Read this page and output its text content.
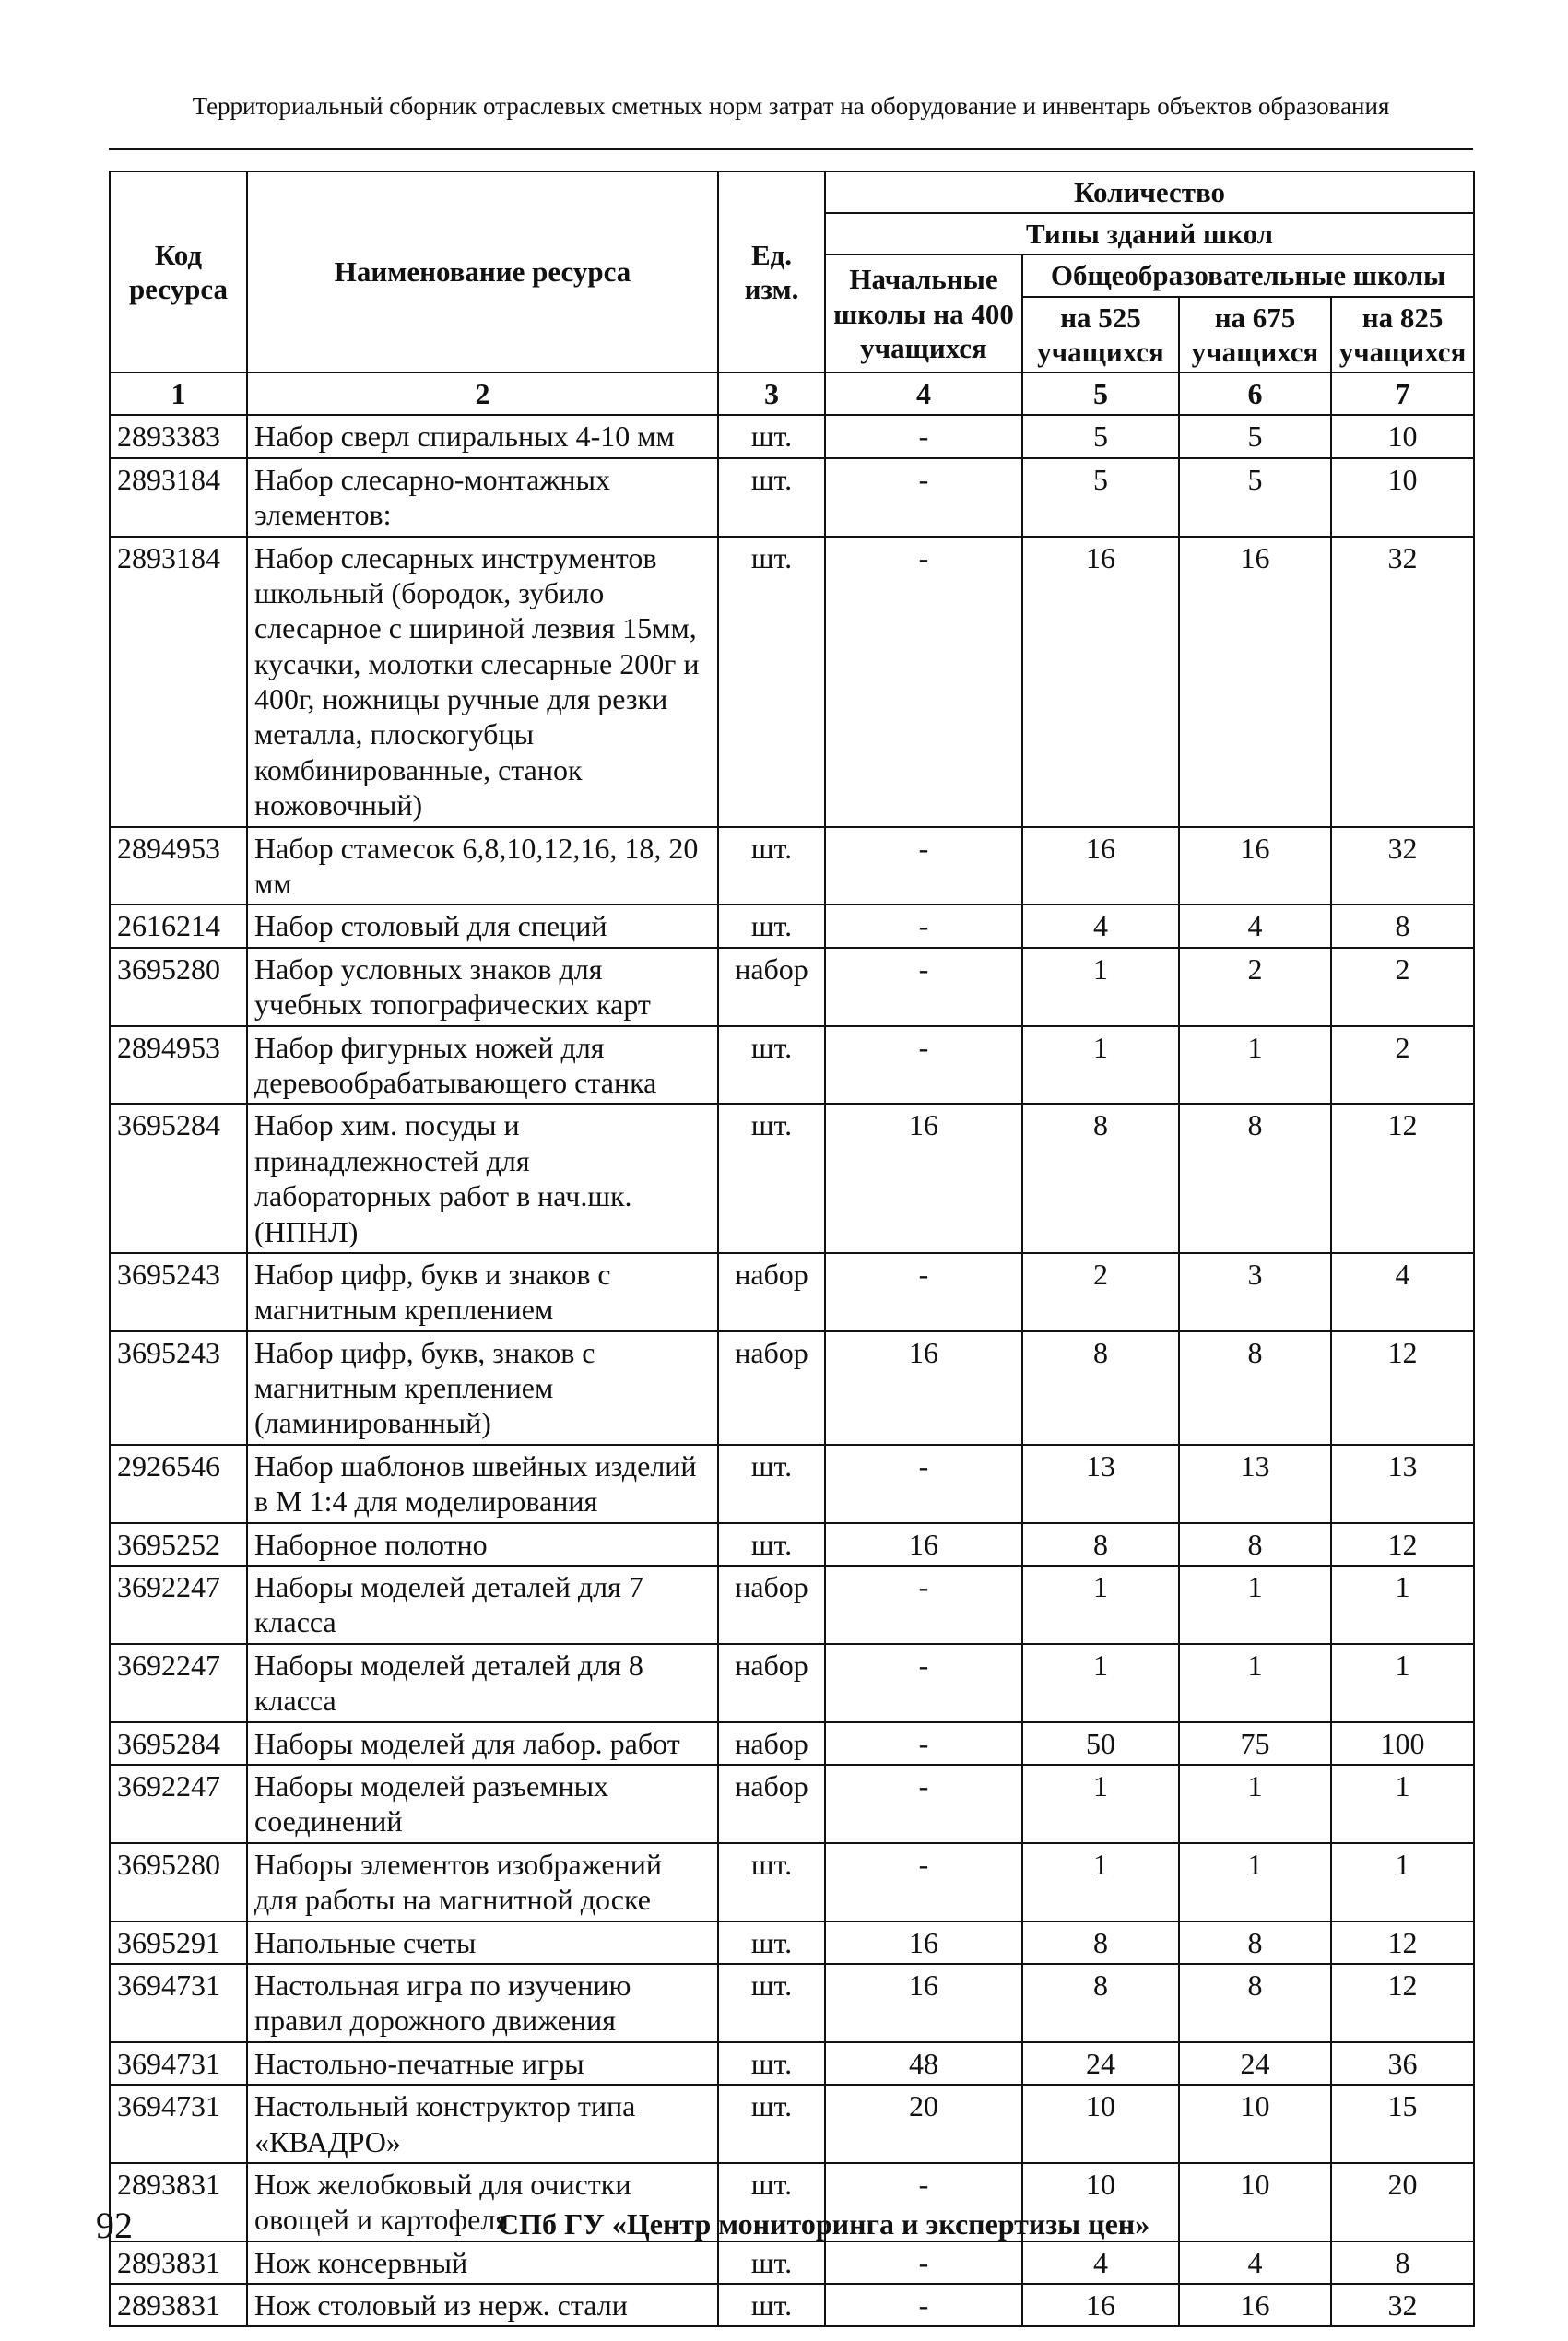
Территориальный сборник отраслевых сметных норм затрат на оборудование и инвентарь объектов образования
Код ресурса	Наименование ресурса	Ед. изм.	Количество			
			Типы зданий школ			
			Начальные школы на 400 учащихся	Общеобразовательные школы		
				на 525 учащихся	на 675 учащихся	на 825 учащихся
1	2	3	4	5	6	7
2893383	Набор сверл спиральных 4-10 мм	шт.	-	5	5	10
2893184	Набор слесарно-монтажных элементов:	шт.	-	5	5	10
2893184	Набор слесарных инструментов школьный (бородок, зубило слесарное с шириной лезвия 15мм, кусачки, молотки слесарные 200г и 400г, ножницы ручные для резки металла, плоскогубцы комбинированные, станок ножовочный)	шт.	-	16	16	32
2894953	Набор стамесок 6,8,10,12,16, 18, 20 мм	шт.	-	16	16	32
2616214	Набор столовый для специй	шт.	-	4	4	8
3695280	Набор условных знаков для учебных топографических карт	набор	-	1	2	2
2894953	Набор фигурных ножей для деревообрабатывающего станка	шт.	-	1	1	2
3695284	Набор хим. посуды и принадлежностей для лабораторных работ в нач.шк. (НПНЛ)	шт.	16	8	8	12
3695243	Набор цифр, букв и знаков с магнитным креплением	набор	-	2	3	4
3695243	Набор цифр, букв, знаков с магнитным креплением (ламинированный)	набор	16	8	8	12
2926546	Набор шаблонов швейных изделий в М 1:4 для моделирования	шт.	-	13	13	13
3695252	Наборное полотно	шт.	16	8	8	12
3692247	Наборы моделей деталей для 7 класса	набор	-	1	1	1
3692247	Наборы моделей деталей для 8 класса	набор	-	1	1	1
3695284	Наборы моделей для лабор. работ	набор	-	50	75	100
3692247	Наборы моделей разъемных соединений	набор	-	1	1	1
3695280	Наборы элементов изображений для работы на магнитной доске	шт.	-	1	1	1
3695291	Напольные счеты	шт.	16	8	8	12
3694731	Настольная игра по изучению правил дорожного движения	шт.	16	8	8	12
3694731	Настольно-печатные игры	шт.	48	24	24	36
3694731	Настольный конструктор типа «КВАДРО»	шт.	20	10	10	15
2893831	Нож желобковый для очистки овощей и картофеля	шт.	-	10	10	20
2893831	Нож консервный	шт.	-	4	4	8
2893831	Нож столовый из нерж. стали	шт.	-	16	16	32
92	СПб ГУ «Центр мониторинга и экспертизы цен»
